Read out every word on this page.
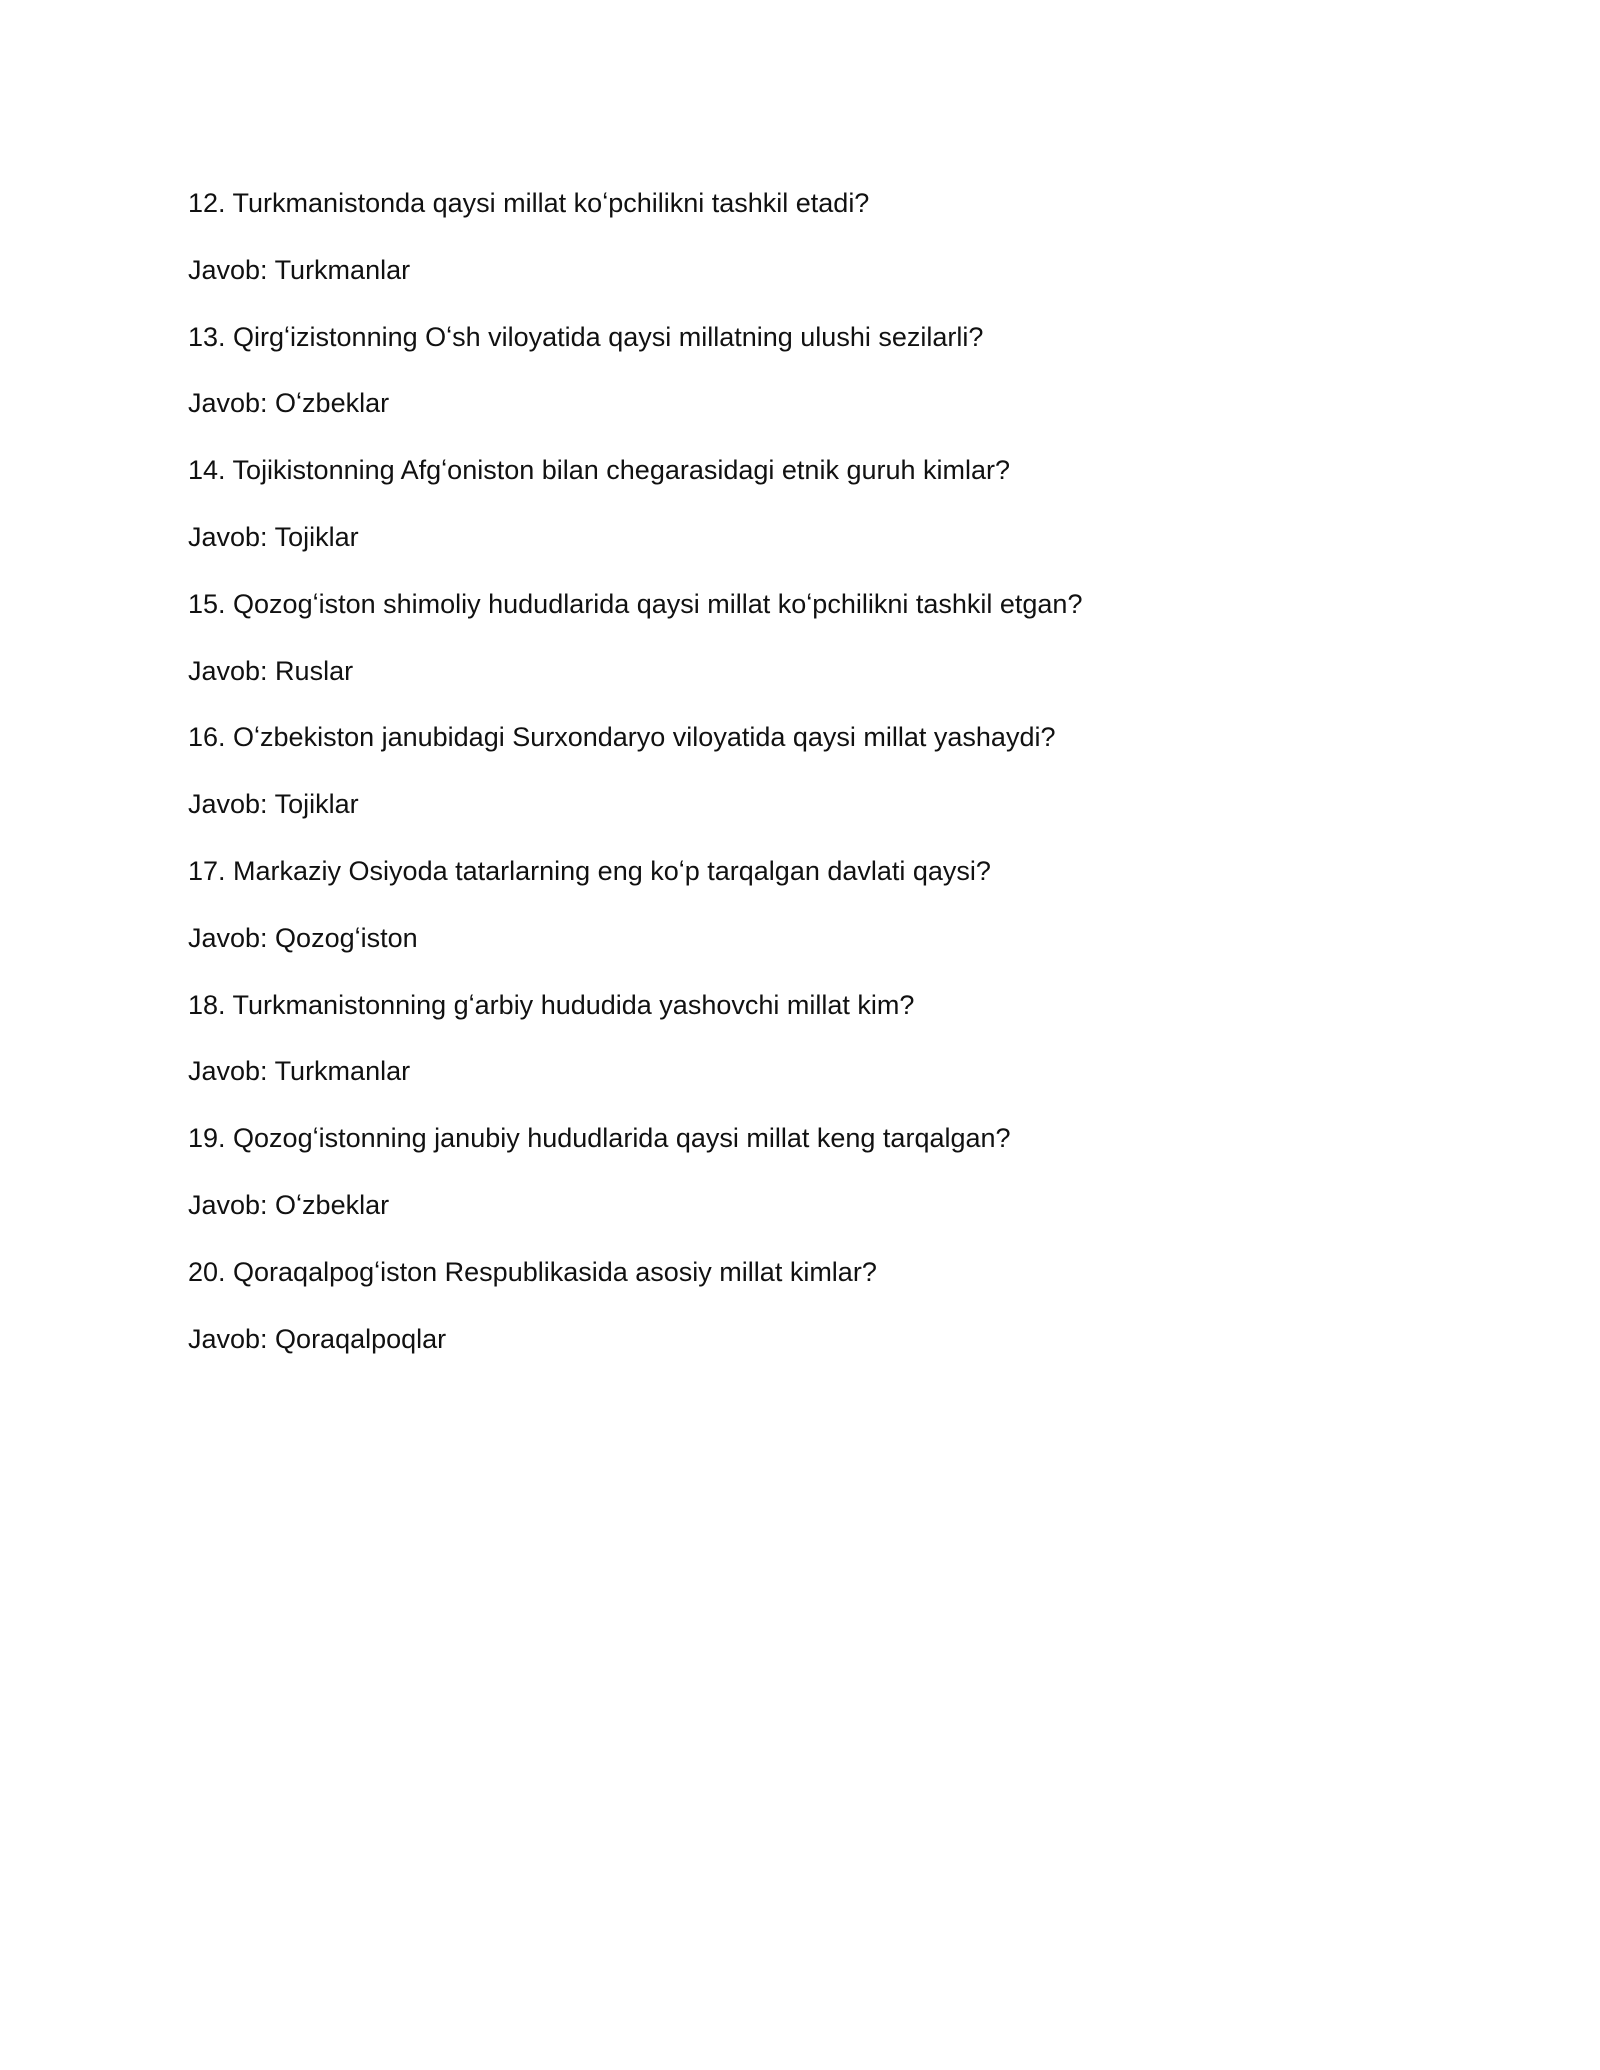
12. Turkmanistonda qaysi millat koʻpchilikni tashkil etadi?
Javob: Turkmanlar
13. Qirgʻizistonning Oʻsh viloyatida qaysi millatning ulushi sezilarli?
Javob: Oʻzbeklar
14. Tojikistonning Afgʻoniston bilan chegarasidagi etnik guruh kimlar?
Javob: Tojiklar
15. Qozogʻiston shimoliy hududlarida qaysi millat koʻpchilikni tashkil etgan?
Javob: Ruslar
16. Oʻzbekiston janubidagi Surxondaryo viloyatida qaysi millat yashaydi?
Javob: Tojiklar
17. Markaziy Osiyoda tatarlarning eng koʻp tarqalgan davlati qaysi?
Javob: Qozogʻiston
18. Turkmanistonning gʻarbiy hududida yashovchi millat kim?
Javob: Turkmanlar
19. Qozogʻistonning janubiy hududlarida qaysi millat keng tarqalgan?
Javob: Oʻzbeklar
20. Qoraqalpogʻiston Respublikasida asosiy millat kimlar?
Javob: Qoraqalpoqlar
